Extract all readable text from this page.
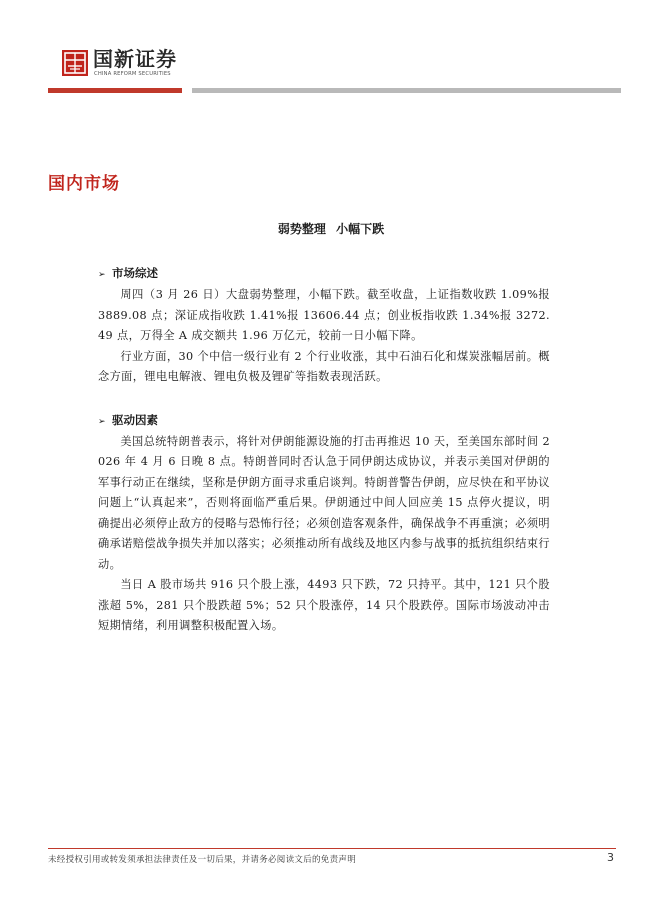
国新证券
CHINA REFORM SECURITIES
国内市场
弱势整理 小幅下跌

➢ 市场综述

周四（3 月 26 日）大盘弱势整理，小幅下跌。截至收盘，上证指数收跌 1.09%报 3889.08 点；深证成指收跌 1.41%报 13606.44 点；创业板指收跌 1.34%报 3272.49 点，万得全 A 成交额共 1.96 万亿元，较前一日小幅下降。

行业方面，30 个中信一级行业有 2 个行业收涨，其中石油石化和煤炭涨幅居前。概念方面，锂电电解液、锂电负极及锂矿等指数表现活跃。

➢ 驱动因素

美国总统特朗普表示，将针对伊朗能源设施的打击再推迟 10 天，至美国东部时间 2026 年 4 月 6 日晚 8 点。特朗普同时否认急于同伊朗达成协议，并表示美国对伊朗的军事行动正在继续，坚称是伊朗方面寻求重启谈判。特朗普警告伊朗，应尽快在和平协议问题上“认真起来”，否则将面临严重后果。伊朗通过中间人回应美 15 点停火提议，明确提出必须停止敌方的侵略与恐怖行径；必须创造客观条件，确保战争不再重演；必须明确承诺赔偿战争损失并加以落实；必须推动所有战线及地区内参与战事的抵抗组织结束行动。

当日 A 股市场共 916 只个股上涨，4493 只下跌，72 只持平。其中，121 只个股涨超 5%，281 只个股跌超 5%；52 只个股涨停，14 只个股跌停。国际市场波动冲击短期情绪，利用调整积极配置入场。

未经授权引用或转发须承担法律责任及一切后果，并请务必阅读文后的免责声明	3
